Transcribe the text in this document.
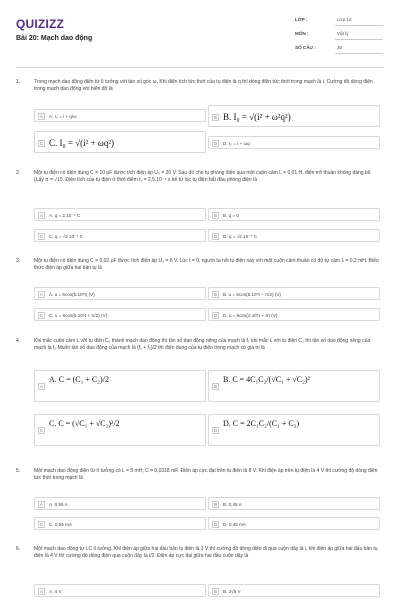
QUIZIZZ
Bài 20: Mạch dao động
LỚP :	Lớp 12
MÔN :	Vật lý
SỐ CÂU :	30
1.	Trong mạch dao động điện từ lí tưởng với tần số góc ω. Khi điện tích tức thời của tụ điện là q thì dòng điện tức thời trong mạch là i. Cường độ dòng điện trong mạch dao động với biên độ là
A	A. I₀ = i + q/ω	B B. I₀ = √(i² + ω²q²)
C C. I₀ = √(i² + ωq²)	D	D. I₀ = i + ωq
2.	Một tụ điện có điện dung C = 10 μF được tích điện áp U₀ = 20 V. Sau đó cho tụ phóng điện qua một cuộn cảm L = 0,01 H, điện trở thuần không đáng kể. (Lấy π = √10. Điện tích của tụ điện ở thời điểm t₁ = 2,5.10⁻⁴ s kể từ lúc tụ điện bắt đầu phóng điện là
A	A. q = 2.10⁻⁴ C	B	B. q = 0
C	C. q = √3.10⁻⁴ C	D	D. q = √2.10⁻⁴ C
3.	Một tụ điện có điện dung C = 0,02 μF được tích điện áp U₀ = 6 V. Lúc t = 0, người ta nối tụ điện này với một cuộn cảm thuần có độ tự cảm L = 0,2 mH. Biểu thức điện áp giữa hai bản tụ là
A	A. u = 6cos(5.10⁵t) (V)	B	B. u = 6cos(5.10⁵t − π/2) (V)
C	C. u = 6cos(5.10⁵t + π/2) (V)	D	D. u = 6cos(2.10⁵t + π) (V)
4.	Khi mắc cuộn cảm L với tụ điện C₁ thành mạch dao động thì tần số dao động riêng của mạch là f₁ khi mắc L với tụ điện C₂ thì tần số dao động riêng của mạch là f₂ Muốn tần số dao động của mạch là (f₁ + f₂)/2 thì điện dung của tụ điện trong mạch có giá trị là
A
A. C = (C₁ + C₂)/2
B
B. C = 4C₁C₂/(√C₁ + √C₂)²
C
C. C = (√C₁ + √C₂)²/2
D
D. C = 2C₁C₂/(C₁ + C₂)
5.	Một mạch dao động điện từ lí tưởng có L = 5 mH; C = 0,0318 mF. Điện áp cực đại trên tụ điện là 8 V. Khi điện áp trên tụ điện là 4 V thì cường độ dòng điện tức thời trong mạch là
A	A. 0,55 A	B	B. 0,45 A
C	C. 0,55 mA	D	D. 0,45 mA
6.	Một mạch dao động tự LC lí tưởng. Khi điện áp giữa hai đầu bản tụ điện là 2 V thì cường độ dòng điện đi qua cuộn dây là i, khi điện áp giữa hai đầu bản tụ điện là 4 V thì cường độ dòng điện qua cuộn dây là i/2. Điện áp cực đại giữa hai đầu cuộn dây là
A	A. 4 V	B	B. 2√5 V
